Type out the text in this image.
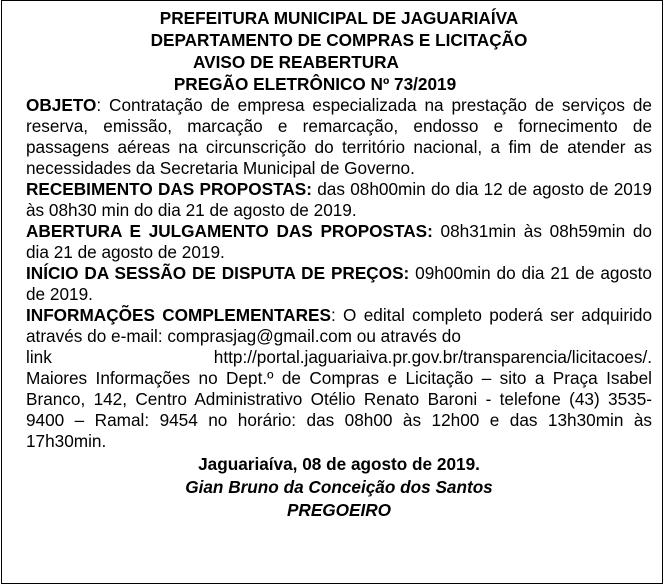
PREFEITURA MUNICIPAL DE JAGUARIAÍVA
DEPARTAMENTO DE COMPRAS E LICITAÇÃO
AVISO DE REABERTURA
PREGÃO ELETRÔNICO Nº 73/2019

OBJETO: Contratação de empresa especializada na prestação de serviços de reserva, emissão, marcação e remarcação, endosso e fornecimento de passagens aéreas na circunscrição do território nacional, a fim de atender as necessidades da Secretaria Municipal de Governo.

RECEBIMENTO DAS PROPOSTAS: das 08h00min do dia 12 de agosto de 2019 às 08h30 min do dia 21 de agosto de 2019.

ABERTURA E JULGAMENTO DAS PROPOSTAS: 08h31min às 08h59min do dia 21 de agosto de 2019.

INÍCIO DA SESSÃO DE DISPUTA DE PREÇOS: 09h00min do dia 21 de agosto de 2019.

INFORMAÇÕES COMPLEMENTARES: O edital completo poderá ser adquirido através do e-mail: comprasjag@gmail.com ou através do

link	http://portal.jaguariaiva.pr.gov.br/transparencia/licitacoes/.

Maiores Informações no Dept.º de Compras e Licitação – sito a Praça Isabel Branco, 142, Centro Administrativo Otélio Renato Baroni - telefone (43) 3535-9400 – Ramal: 9454 no horário: das 08h00 às 12h00 e das 13h30min às 17h30min.

Jaguariaíva, 08 de agosto de 2019.
Gian Bruno da Conceição dos Santos
PREGOEIRO
